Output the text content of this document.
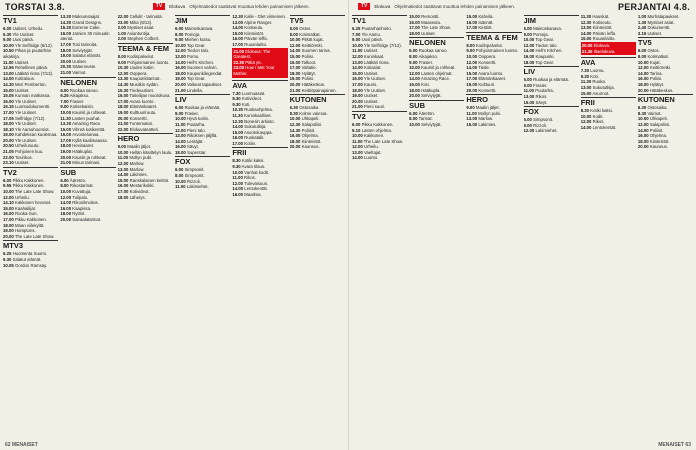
TORSTAI 3.8.	TV	Elokuva Ohjelmatiedot saattavat muuttua lehden painamisen jälkeen.
TV1
6.00 Uutiset, Urheilu.
6.30 Yle Uutiset.
9.00 Uusi päivä.
10.00 Yle Selfridge (6/12).
10.50 Pihan ja puutarhan aikakirja.
11.00 Uutiset.
12.55 Rehellinen päivä.
13.00 Lääkäri Ilona (7/13).
14.00 Kotitalous.
14.30 Meri Pemberton.
15.00 Uutiset.
15.05 Kunnan matkassa.
16.00 Yle Uutiset.
16.15 Luontodokumentti.
17.00 Yle Uutiset.
17.05 Selfridge (7/12).
18.00 Yle Uutiset.
18.10 Yle Aamuhuomiot.
19.00 Kahdeksan kuolemaa.
20.00 Yle Uutiset.
20.50 Urheiluruutu.
21.05 Pohjoinen kuu.
22.00 Tosirikos.
23.10 Uutiset.
TV2
6.00 Pikku Kakkonen.
9.55 Pikku Kakkonen.
10.00 The Late Late Show.
12.00 Urheilu.
14.10 Kakkosen hevoset.
15.00 Kaahailijat.
16.00 Ruoka-Sun.
17.00 Pikku Kakkonen.
18.00 Maan viilekylät.
19.00 Hamptons.
20.00 The Late Late Show.
MTV3
6.25 Huomenta Suomi.
9.30 Salatut elämät.
10.05 Gordon Ramsay.
13.30 Maksunsaajat.
14.30 Grand Designs.
15.30 Extreme Cake.
16.00 Jamien 30 minuutin ateriat.
17.00 Tosi tarinoita.
18.00 Selviytyjät.
19.00 Salatut elämät.
20.00 Uutiset.
20.30 Sääennuste.
21.00 Vaimot.
NELONEN
6.00 Ruokaa sanoo.
6.25 Aikajakso.
7.00 Frasier.
9.00 Kotisekaisin.
10.00 Kauniit ja rohkeat.
11.30 Lasten puuhat.
13.30 Amazing Race.
15.00 Vihreä kotikenttä.
16.00 Arvostelumaa.
17.00 Kyllä kaalimaassa.
18.00 Hevisaaret.
19.00 Hääkuplat.
20.00 Kauniit ja rohkeat.
21.00 Minun tarinani.
SUB
6.00 Ääretön.
8.00 Rikostarinat.
10.00 Kuvattuja.
12.00 Tulipalo.
14.00 Rikosilmoitus.
16.00 Kaapissa.
18.00 Rytmit.
20.00 Sairaalatarinat.
22.00 Cellulit - tarinoita.
23.00 Mika (8/13).
0.00 Mystiset asiat.
1.00 Asiantuntija.
2.00 Stephen Colbert.
TEEMA & FEM
8.00 Kodinpalvelut.
9.00 Pohjoismainen luonto.
10.30 Uuden kotiin.
12.00 Ooppera.
13.30 Kaupunkitarinat.
14.30 Musiikin sydän.
15.30 Tiedeuutiset.
16.00 Taiteilijan muotokuva.
17.00 Avara luonto.
18.00 Elämänkaaret.
19.00 Kulttuuriruutu.
20.00 Konsertti.
21.00 Tuntematon.
22.00 Elokuvateatteri.
HERO
9.00 Maalin jäljet.
10.00 Hellän käsittelyn laulu.
11.00 Mollyn pubi.
12.00 Marlow.
13.00 Marlow.
14.00 Lakimies.
15.00 Ranskalainen keittiö.
16.00 Mestarikokki.
17.00 Kotivideot.
18.00 Lähetys.
JIM
6.00 Mainoskanava.
8.00 Pomoja.
9.00 Miehen kutsu.
10.00 Top Gear.
12.00 Tiedon talo.
13.00 Pomo.
14.00 Hell's Kitchen.
16.00 Suomen vahvin.
18.00 Kaupunkilegendat.
19.00 Top Gear.
20.00 Vaikeat tapaukset.
21.00 Lindella.
LIV
6.00 Ruokaa ja elämää.
9.00 Frasier.
10.00 Hyvä kotiin.
11.00 Puutarha.
12.00 Pieni talo.
13.00 Rikoksen jäljillä.
14.00 Lentäjät.
16.00 Sävyt.
18.00 Superstar.
FOX
6.00 Simpsonit.
8.00 Simpsonit.
10.00 Rizzoli.
11.00 Lakimiehet.
12.30 Kalle - Olet viimeinen.
13.00 Alpine Ranger.
14.00 Kotiseutu.
15.00 Kiinteistöt.
16.00 Päivän leffa.
17.00 Ruuanlaitto.
21.00 Elokuva: The Greatest.
22.30 Pitkä yö.
23.00 How I Met Your Mother.
AVA
7.30 Luomuasiat.
8.30 Kotivideot.
9.30 Koti.
10.30 Ruokaohjelma.
11.30 Kuninkaalliset.
12.30 Bonesin arkisto.
14.00 Sukututkija.
15.00 Asuntokauppa.
16.00 Ruokatalk.
17.00 Kotiin.
FRII
8.30 Kotiki kaksi.
9.30 Avara tilaus.
10.00 Vanhat kodit.
11.00 Rikos.
12.00 Tulevaisuus.
14.00 Lentokentät.
16.00 Maailma.
TV5
6.00 Ostos.
8.00 Kotimatkat.
10.00 Pitkät kujat.
12.00 Keittiöretki.
14.00 Suomen tarina.
15.00 Poliisi.
16.00 Talkoot.
17.00 Valtatie.
18.00 Hylätyt.
19.00 Poliisi.
20.00 Hätäkeskus.
21.00 Keittiöpainajainen.
KUTONEN
6.30 Ostosaika.
8.30 Kolme vaimoa.
10.00 Uhkapeli.
12.30 Salapoliisi.
14.30 Poliisit.
16.00 Ohjelma.
18.00 Kiinteistöt.
20.00 Kauneus.
62 MENAISET
TV	Elokuva Ohjelmatiedot saattavat muuttua lehden painamisen jälkeen.	PERJANTAI 4.8.
TV1
6.25 Puutarhanhoito.
7.00 Yle Aamu.
9.00 Uusi päivä.
10.00 Yle Selfridge (7/12).
11.00 Uutiset.
12.00 Kuninkaat.
13.00 Lääkäri Ilona.
14.00 Kotiasiat.
15.00 Uutiset.
16.00 Yle Uutiset.
17.00 Kauris.
18.00 Yle Uutiset.
19.00 Uutiset.
20.00 Uutiset.
21.00 Pieni suuri.
TV2
6.00 Pikku Kakkonen.
9.10 Lasten ohjelma.
10.00 Kakkonen.
11.00 The Late Late Show.
12.00 Urheilu.
13.00 Vaeltajat.
14.00 Luonto.
15.00 Remontti.
16.00 Maaseutu.
17.00 The Late Show.
18.00 Uutiset.
NELONEN
6.00 Ruokaa sanoo.
8.00 Aikajakso.
9.00 Frasier.
10.00 Kauniit ja rohkeat.
12.00 Lasten ohjelmat.
14.00 Amazing Race.
16.00 Koti.
18.00 Hääkupla.
20.00 Selviytyjät.
SUB
6.00 Ääretön.
8.00 Tarinat.
10.00 Selviytyjät.
15.00 Kahvila.
16.00 Isännät.
17.00 Keittiöt.
TEEMA & FEM
8.00 Kodinpalvelut.
9.00 Pohjoismainen luonto.
10.00 Ooppera.
12.00 Konsertti.
14.00 Tiede.
15.00 Avara luonto.
17.00 Elämänkaaret.
19.00 Kulttuuri.
20.00 Konsertti.
HERO
9.00 Maalin jäljet.
11.00 Mollyn pubi.
13.00 Marlow.
15.00 Lakimies.
JIM
6.00 Mainoskanava.
8.00 Pomoja.
10.00 Top Gear.
12.00 Tiedon talo.
14.00 Hell's Kitchen.
16.00 Kaupunki.
18.00 Top Gear.
LIV
6.00 Ruokaa ja elämää.
9.00 Frasier.
11.00 Puutarha.
13.00 Rikos.
15.00 Sävyt.
FOX
6.00 Simpsonit.
9.00 Rizzoli.
12.00 Lakimiehet.
11.30 Hauskat.
12.30 Kotiseutu.
13.00 Kiinteistöt.
14.00 Päivän leffa.
15.00 Ruuanlaitto.
20.00 Elokuva.
21.30 Iltaelokuva.
AVA
7.30 Luomu.
9.30 Koti.
11.30 Ruoka.
13.00 Sukututkija.
15.00 Asunnot.
FRII
8.30 Kotiki kaksi.
10.00 Kodit.
12.00 Rikos.
14.00 Lentokentät.
1.00 Murhatapaukset.
1.30 Mystiset asiat.
2.40 Dokumentti.
3.15 Uutiset.
TV5
6.00 Ostos.
8.00 Kotimatkat.
10.00 Kujat.
12.00 Keittiöretki.
14.00 Tarina.
16.00 Poliisi.
18.00 Hylätyt.
20.00 Hätäkeskus.
KUTONEN
6.30 Ostosaika.
8.30 Vaimot.
10.00 Uhkapeli.
12.00 Salapoliisi.
14.00 Poliisit.
16.00 Ohjelma.
18.00 Kiinteistöt.
20.00 Kauneus.
MENAISET 63
